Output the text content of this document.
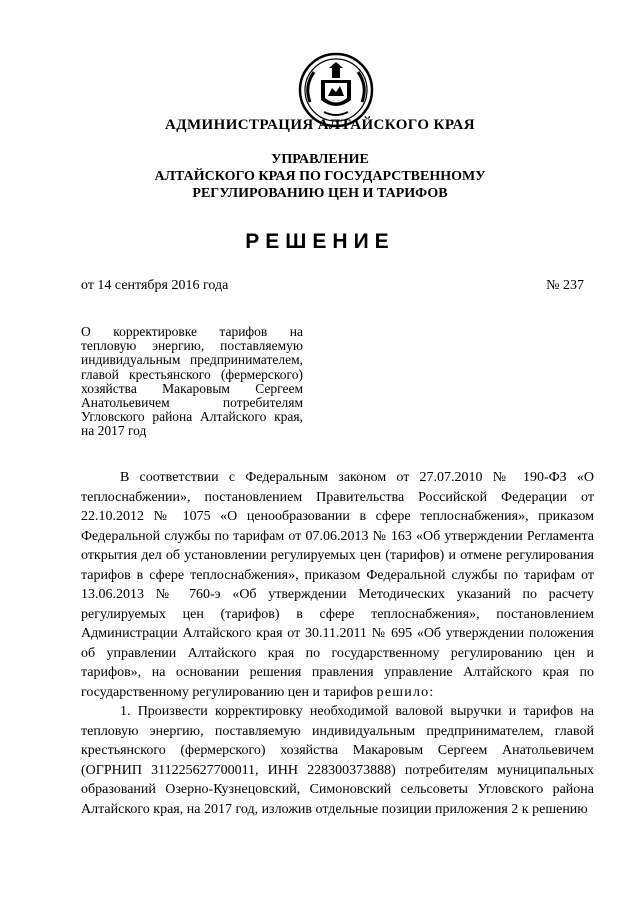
АДМИНИСТРАЦИЯ АЛТАЙСКОГО КРАЯ
УПРАВЛЕНИЕ
АЛТАЙСКОГО КРАЯ ПО ГОСУДАРСТВЕННОМУ
РЕГУЛИРОВАНИЮ ЦЕН И ТАРИФОВ
РЕШЕНИЕ
от 14 сентября 2016 года	№ 237
О корректировке тарифов на тепловую энергию, поставляемую индивидуальным предпринимателем, главой крестьянского (фермерского) хозяйства Макаровым Сергеем Анатольевичем потребителям Угловского района Алтайского края, на 2017 год

В соответствии с Федеральным законом от 27.07.2010 № 190-ФЗ «О теплоснабжении», постановлением Правительства Российской Федерации от 22.10.2012 № 1075 «О ценообразовании в сфере теплоснабжения», приказом Федеральной службы по тарифам от 07.06.2013 № 163 «Об утверждении Регламента открытия дел об установлении регулируемых цен (тарифов) и отмене регулирования тарифов в сфере теплоснабжения», приказом Федеральной службы по тарифам от 13.06.2013 № 760-э «Об утверждении Методических указаний по расчету регулируемых цен (тарифов) в сфере теплоснабжения», постановлением Администрации Алтайского края от 30.11.2011 № 695 «Об утверждении положения об управлении Алтайского края по государственному регулированию цен и тарифов», на основании решения правления управление Алтайского края по государственному регулированию цен и тарифов решило:

1. Произвести корректировку необходимой валовой выручки и тарифов на тепловую энергию, поставляемую индивидуальным предпринимателем, главой крестьянского (фермерского) хозяйства Макаровым Сергеем Анатольевичем (ОГРНИП 311225627700011, ИНН 228300373888) потребителям муниципальных образований Озерно-Кузнецовский, Симоновский сельсоветы Угловского района Алтайского края, на 2017 год, изложив отдельные позиции приложения 2 к решению
